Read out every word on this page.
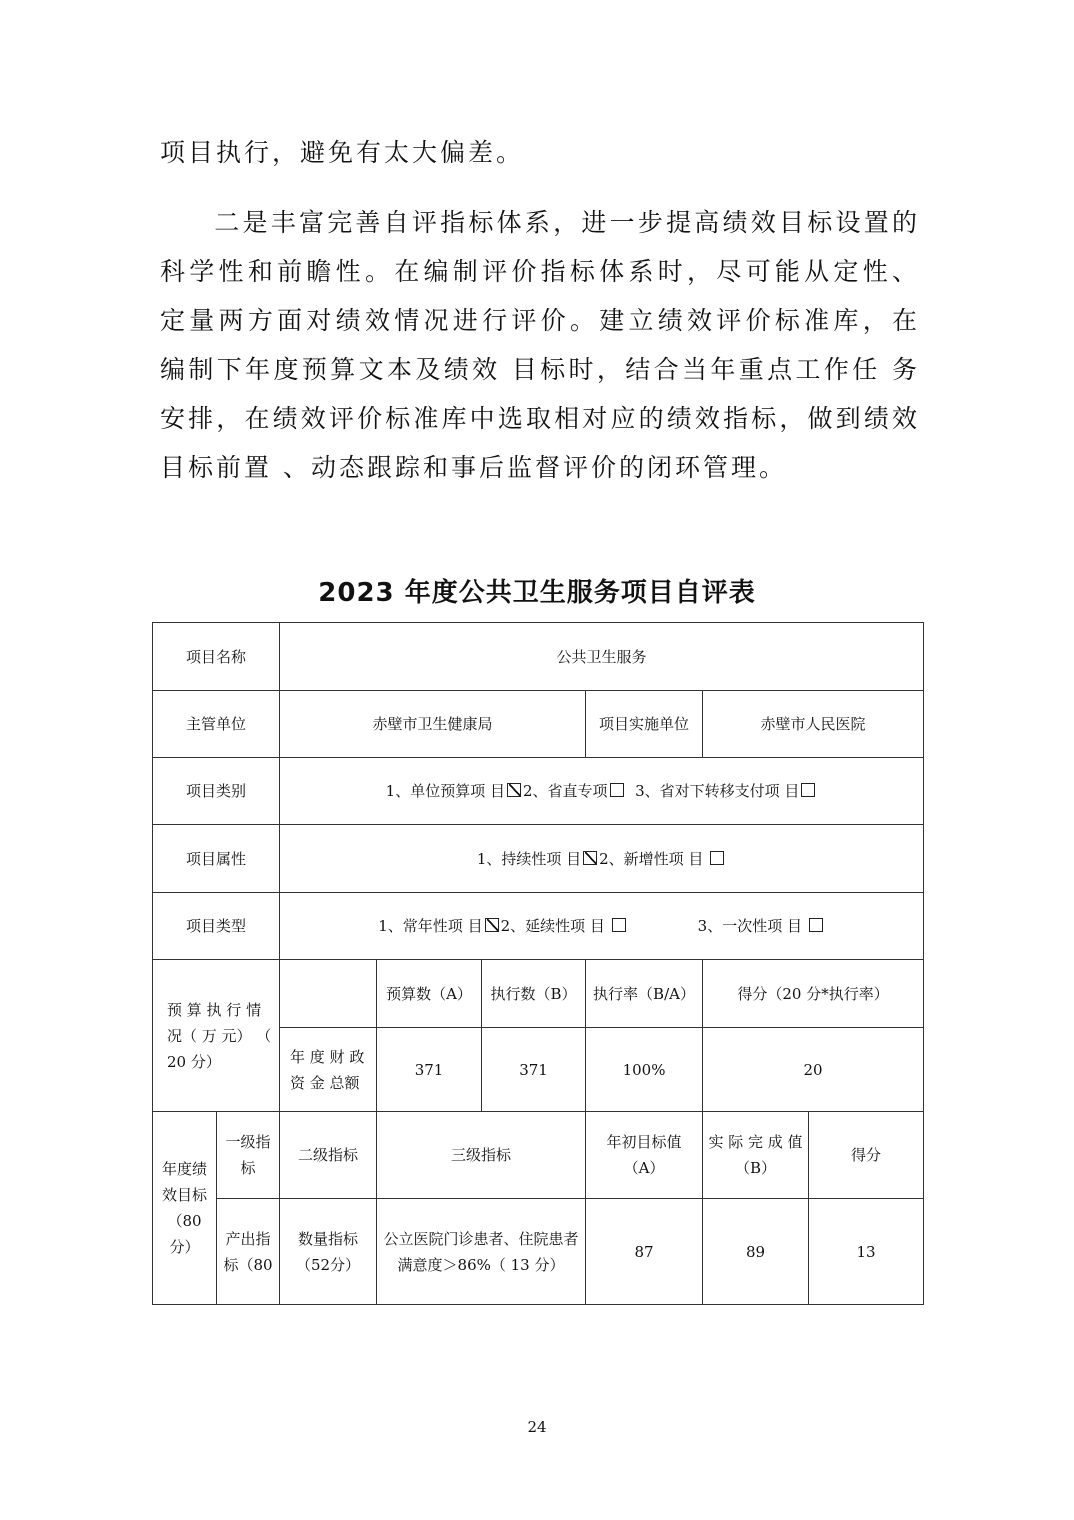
项目执行，避免有太大偏差。

二是丰富完善自评指标体系，进一步提高绩效目标设置的科学性和前瞻性。在编制评价指标体系时，尽可能从定性、 定量两方面对绩效情况进行评价。建立绩效评价标准库，在 编制下年度预算文本及绩效 目标时，结合当年重点工作任 务安排，在绩效评价标准库中选取相对应的绩效指标，做到绩效目标前置 、动态跟踪和事后监督评价的闭环管理。

2023 年度公共卫生服务项目自评表
项目名称		公共卫生服务					
主管单位		赤壁市卫生健康局			项目实施单位	赤壁市人民医院	
项目类别		1、单位预算项 目 2、省直专项 3、省对下转移支付项 目					
项目属性		1、持续性项 目 2、新增性项 目					
项目类型		1、常年性项 目 2、延续性项 目 3、一次性项 目					
预 算 执 行 情 况（ 万 元） （ 20 分）			预算数（A）	执行数（B）	执行率（B/A）	得分（20 分*执行率）	
		年 度 财 政 资 金 总额	371	371	100%	20	
年度绩效目标（80 分）	一级指标	二级指标	三级指标		年初目标值（A）	实 际 完 成 值（B）	得分
	产出指标（80	数量指标（52分）	公立医院门诊患者、住院患者满意度＞86%（ 13 分）		87	89	13
24
